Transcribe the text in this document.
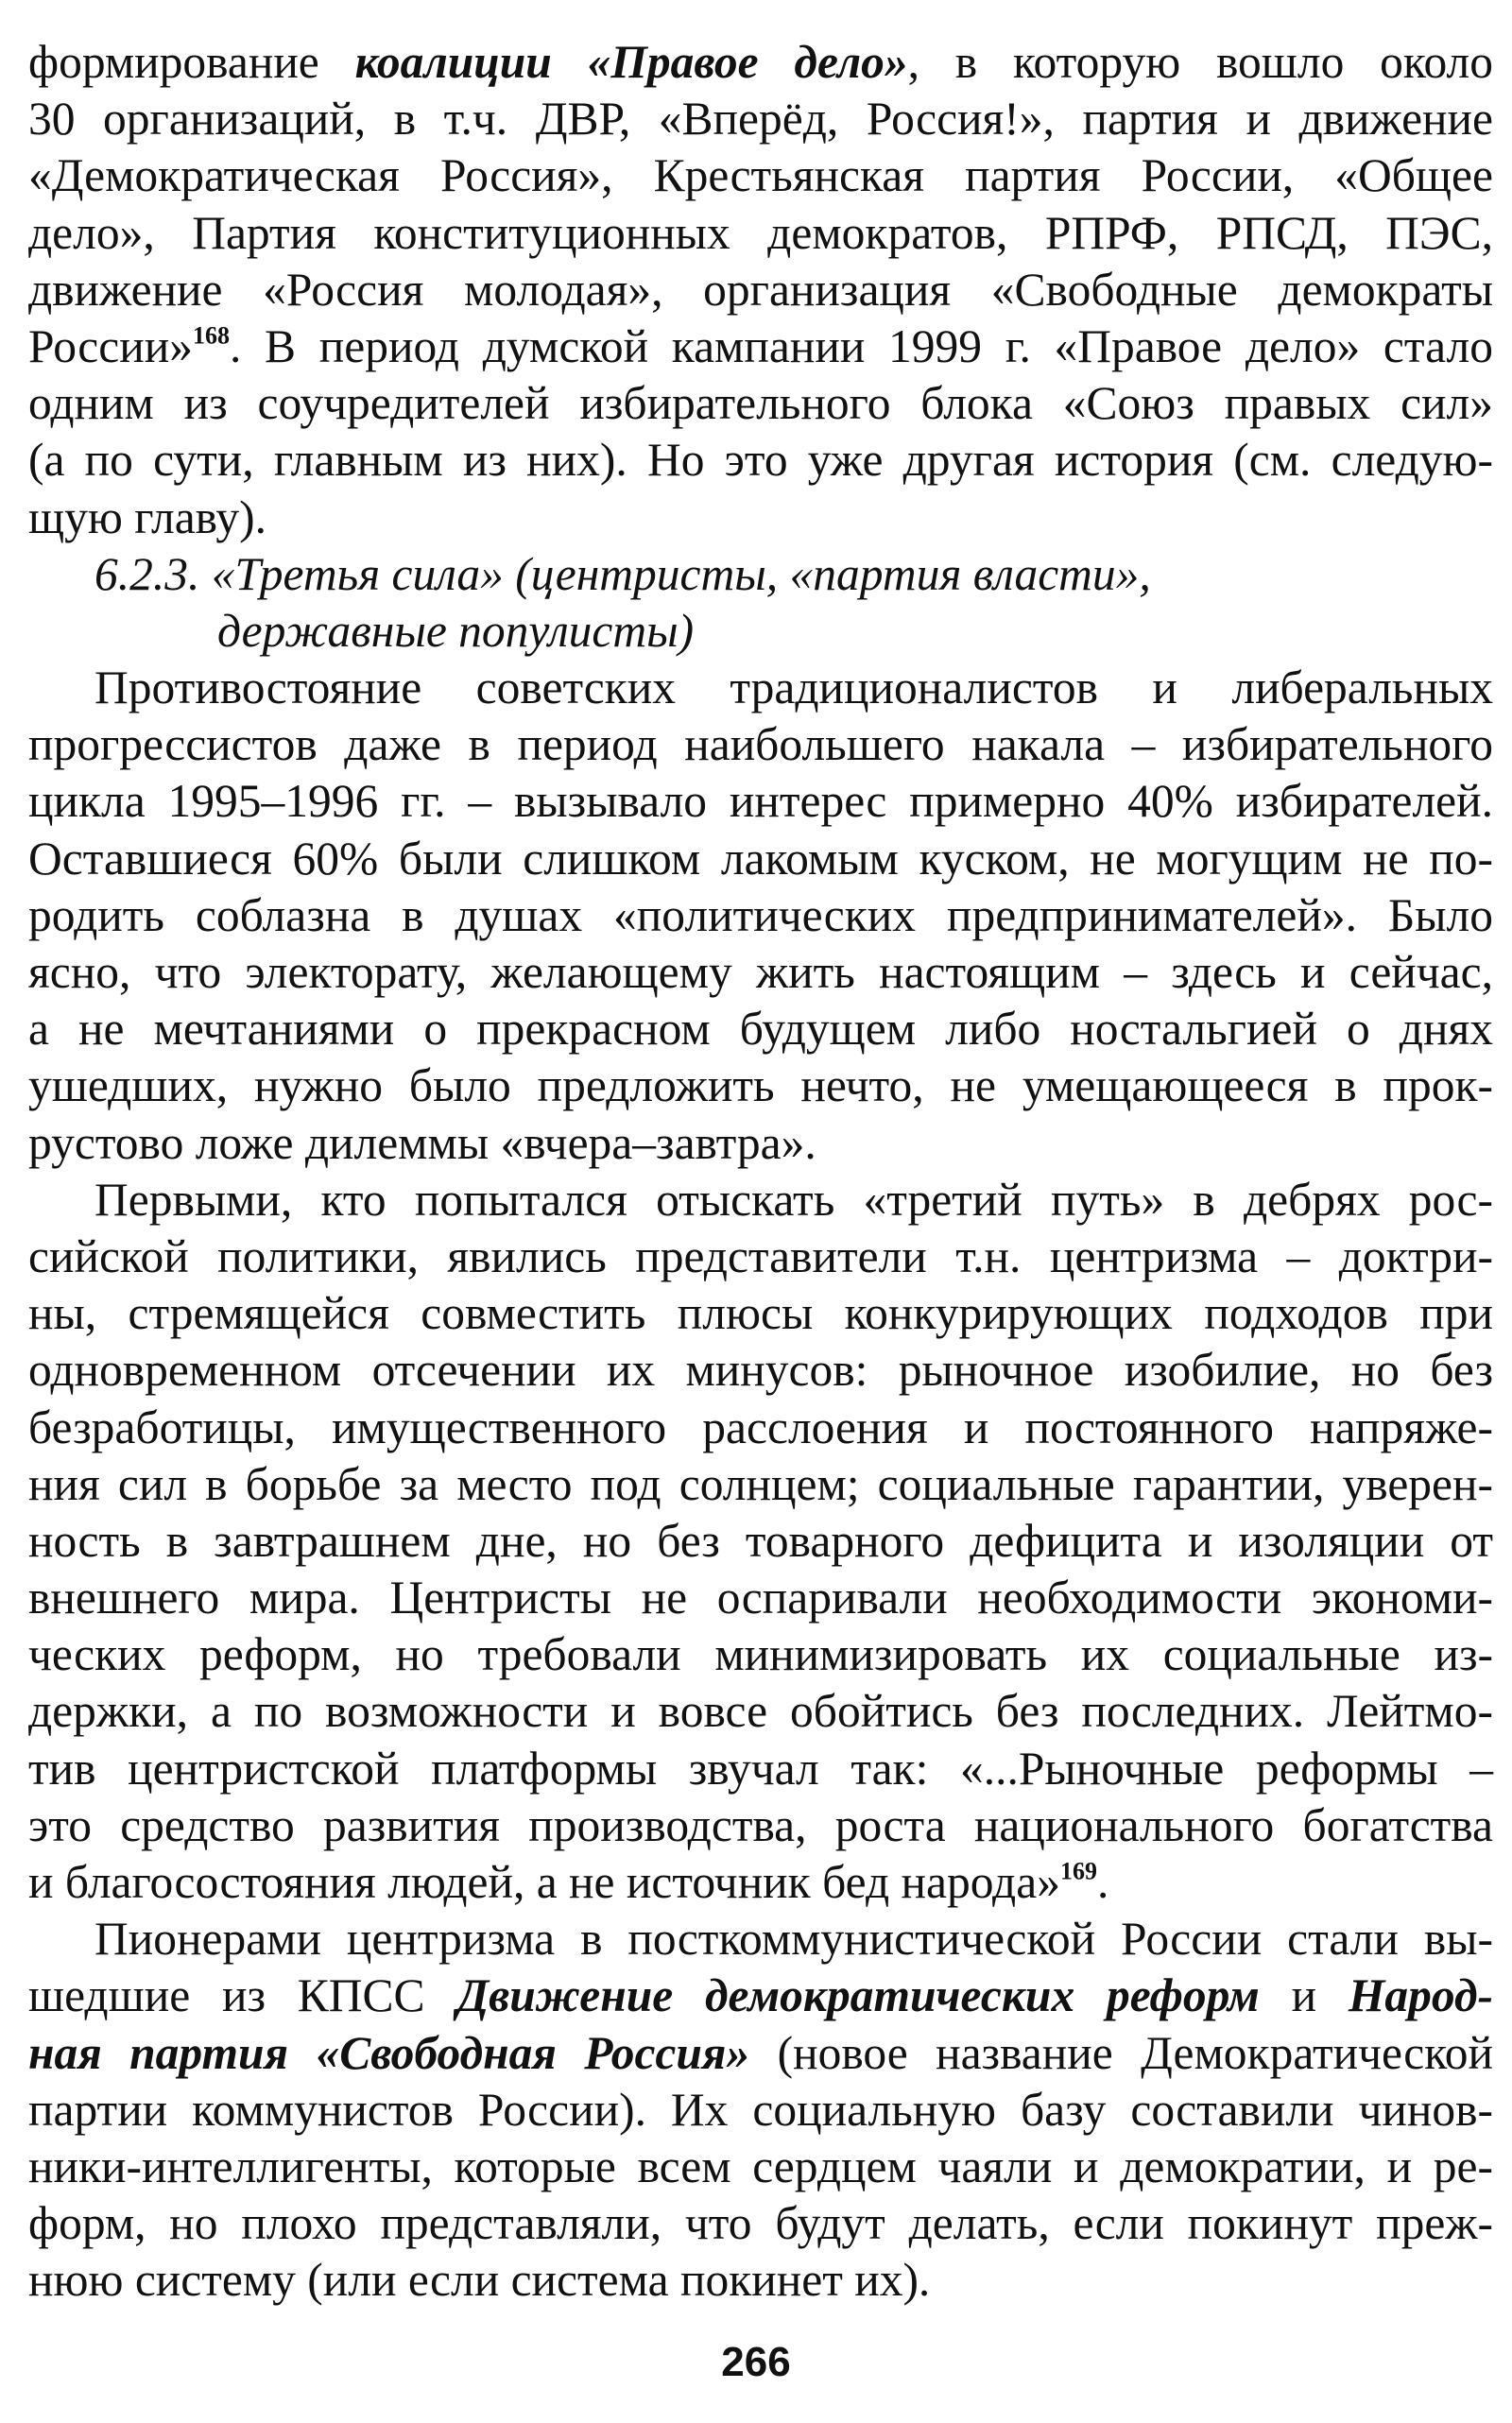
формирование коалиции «Правое дело», в которую вошло около
30 организаций, в т.ч. ДВР, «Вперёд, Россия!», партия и движение
«Демократическая Россия», Крестьянская партия России, «Общее
дело», Партия конституционных демократов, РПРФ, РПСД, ПЭС,
движение «Россия молодая», организация «Свободные демократы
России»$^{168}$. В период думской кампании 1999 г. «Правое дело» стало
одним из соучредителей избирательного блока «Союз правых сил»
(а по сути, главным из них). Но это уже другая история (см. следую-
щую главу).
6.2.3. «Третья сила» (центристы, «партия власти»,
державные популисты)
Противостояние советских традиционалистов и либеральных
прогрессистов даже в период наибольшего накала – избирательного
цикла 1995–1996 гг. – вызывало интерес примерно 40% избирателей.
Оставшиеся 60% были слишком лакомым куском, не могущим не по-
родить соблазна в душах «политических предпринимателей». Было
ясно, что электорату, желающему жить настоящим – здесь и сейчас,
а не мечтаниями о прекрасном будущем либо ностальгией о днях
ушедших, нужно было предложить нечто, не умещающееся в прок-
рустово ложе дилеммы «вчера–завтра».
Первыми, кто попытался отыскать «третий путь» в дебрях рос-
сийской политики, явились представители т.н. центризма – доктри-
ны, стремящейся совместить плюсы конкурирующих подходов при
одновременном отсечении их минусов: рыночное изобилие, но без
безработицы, имущественного расслоения и постоянного напряже-
ния сил в борьбе за место под солнцем; социальные гарантии, уверен-
ность в завтрашнем дне, но без товарного дефицита и изоляции от
внешнего мира. Центристы не оспаривали необходимости экономи-
ческих реформ, но требовали минимизировать их социальные из-
держки, а по возможности и вовсе обойтись без последних. Лейтмо-
тив центристской платформы звучал так: «...Рыночные реформы –
это средство развития производства, роста национального богатства
и благосостояния людей, а не источник бед народа»$^{169}$.
Пионерами центризма в посткоммунистической России стали вы-
шедшие из КПСС Движение демократических реформ и Народ-
ная партия «Свободная Россия» (новое название Демократической
партии коммунистов России). Их социальную базу составили чинов-
ники-интеллигенты, которые всем сердцем чаяли и демократии, и ре-
форм, но плохо представляли, что будут делать, если покинут преж-
нюю систему (или если система покинет их).
266
